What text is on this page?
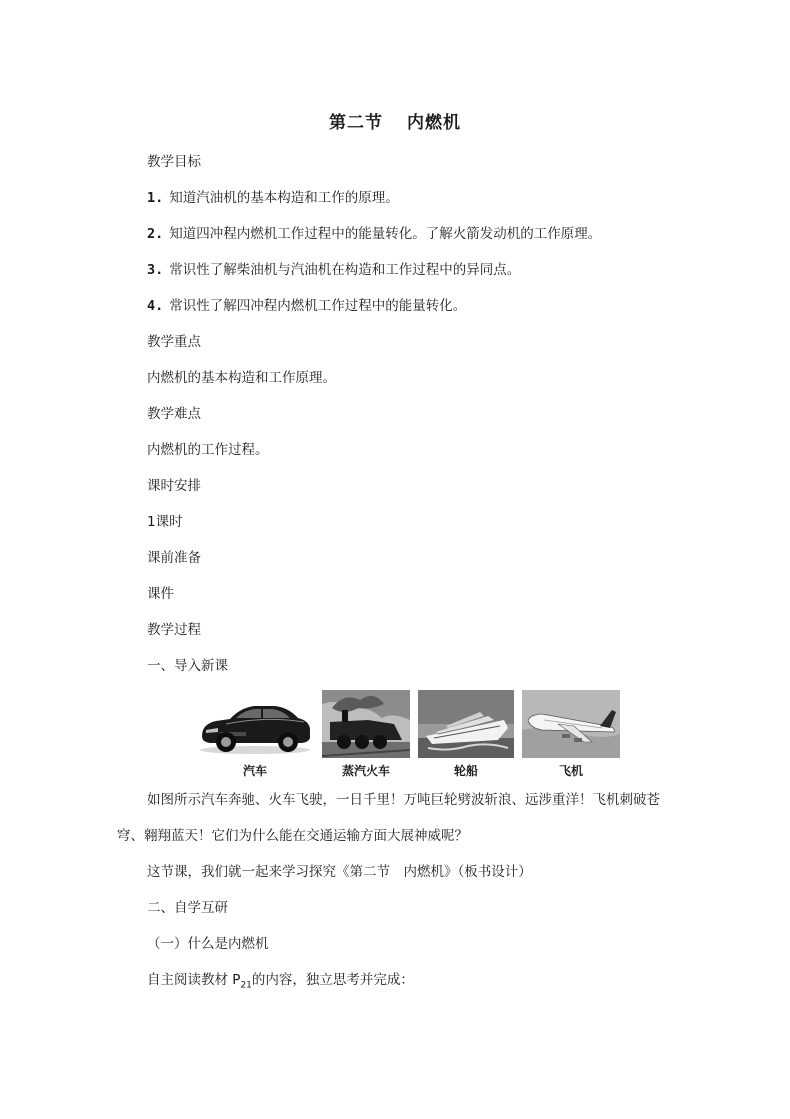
第二节 内燃机
教学目标
1. 知道汽油机的基本构造和工作的原理。
2. 知道四冲程内燃机工作过程中的能量转化。了解火箭发动机的工作原理。
3. 常识性了解柴油机与汽油机在构造和工作过程中的异同点。
4. 常识性了解四冲程内燃机工作过程中的能量转化。
教学重点
内燃机的基本构造和工作原理。
教学难点
内燃机的工作过程。
课时安排
1课时
课前准备
课件
教学过程
一、导入新课
汽车	蒸汽火车	轮船	飞机
如图所示汽车奔驰、火车飞驶，一日千里！万吨巨轮劈波斩浪、远涉重洋！飞机刺破苍穹、翱翔蓝天！它们为什么能在交通运输方面大展神威呢？
这节课，我们就一起来学习探究《第二节　内燃机》（板书设计）
二、自学互研
（一）什么是内燃机
自主阅读教材 $P_{21}$的内容，独立思考并完成：
